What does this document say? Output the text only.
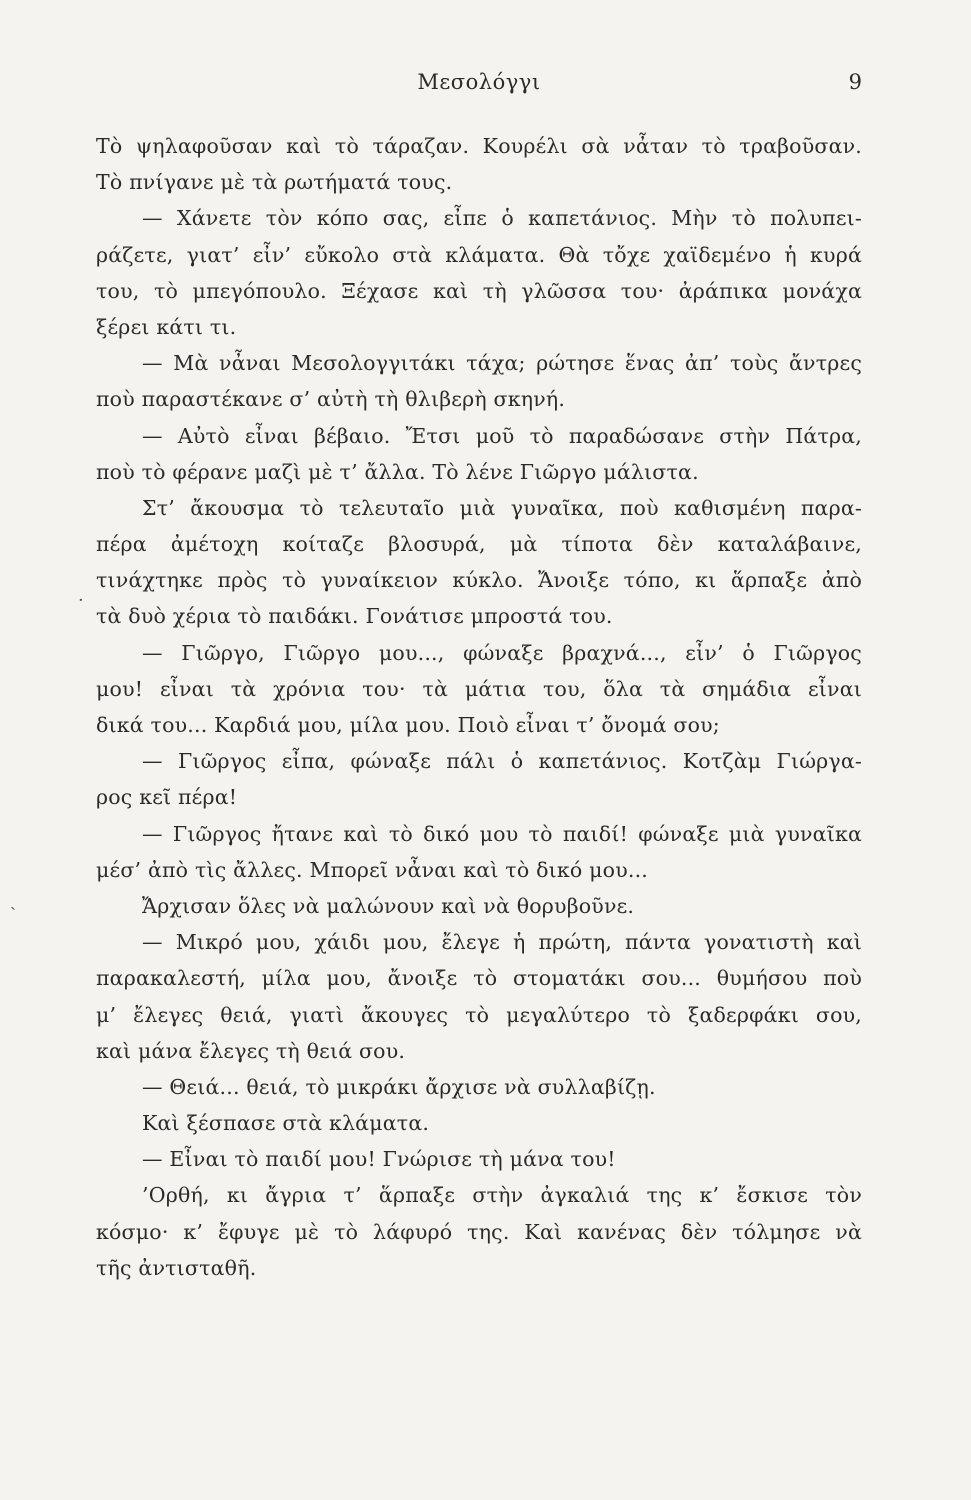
Μεσολόγγι	9
·
ˎ
Τὸ ψηλαφοῦσαν καὶ τὸ τάραζαν. Κουρέλι σὰ νἆταν τὸ τραβοῦσαν.
Τὸ πνίγανε μὲ τὰ ρωτήματά τους.
— Χάνετε τὸν κόπο σας, εἶπε ὁ καπετάνιος. Μὴν τὸ πολυπει-
ράζετε, γιατ’ εἶν’ εὔκολο στὰ κλάματα. Θὰ τὄχε χαϊδεμένο ἡ κυρά
του, τὸ μπεγόπουλο. Ξέχασε καὶ τὴ γλῶσσα του· ἀράπικα μονάχα
ξέρει κάτι τι.
— Μὰ νἆναι Μεσολογγιτάκι τάχα; ρώτησε ἕνας ἀπ’ τοὺς ἄντρες
ποὺ παραστέκανε σ’ αὐτὴ τὴ θλιβερὴ σκηνή.
— Αὐτὸ εἶναι βέβαιο. Ἔτσι μοῦ τὸ παραδώσανε στὴν Πάτρα,
ποὺ τὸ φέρανε μαζὶ μὲ τ’ ἄλλα. Τὸ λένε Γιῶργο μάλιστα.
Στ’ ἄκουσμα τὸ τελευταῖο μιὰ γυναῖκα, ποὺ καθισμένη παρα-
πέρα ἀμέτοχη κοίταζε βλοσυρά, μὰ τίποτα δὲν καταλάβαινε,
τινάχτηκε πρὸς τὸ γυναίκειον κύκλο. Ἄνοιξε τόπο, κι ἅρπαξε ἀπὸ
τὰ δυὸ χέρια τὸ παιδάκι. Γονάτισε μπροστά του.
— Γιῶργο, Γιῶργο μου..., φώναξε βραχνά..., εἶν’ ὁ Γιῶργος
μου! εἶναι τὰ χρόνια του· τὰ μάτια του, ὅλα τὰ σημάδια εἶναι
δικά του... Καρδιά μου, μίλα μου. Ποιὸ εἶναι τ’ ὄνομά σου;
— Γιῶργος εἶπα, φώναξε πάλι ὁ καπετάνιος. Κοτζὰμ Γιώργα-
ρος κεῖ πέρα!
— Γιῶργος ἤτανε καὶ τὸ δικό μου τὸ παιδί! φώναξε μιὰ γυναῖκα
μέσ’ ἀπὸ τὶς ἄλλες. Μπορεῖ νἆναι καὶ τὸ δικό μου...
Ἄρχισαν ὅλες νὰ μαλώνουν καὶ νὰ θορυβοῦνε.
— Μικρό μου, χάιδι μου, ἔλεγε ἡ πρώτη, πάντα γονατιστὴ καὶ
παρακαλεστή, μίλα μου, ἄνοιξε τὸ στοματάκι σου... θυμήσου ποὺ
μ’ ἔλεγες θειά, γιατὶ ἄκουγες τὸ μεγαλύτερο τὸ ξαδερφάκι σου,
καὶ μάνα ἔλεγες τὴ θειά σου.
— Θειά... θειά, τὸ μικράκι ἄρχισε νὰ συλλαβίζῃ.
Καὶ ξέσπασε στὰ κλάματα.
— Εἶναι τὸ παιδί μου! Γνώρισε τὴ μάνα του!
’Ορθή, κι ἄγρια τ’ ἅρπαξε στὴν ἀγκαλιά της κ’ ἔσκισε τὸν
κόσμο· κ’ ἔφυγε μὲ τὸ λάφυρό της. Καὶ κανένας δὲν τόλμησε νὰ
τῆς ἀντισταθῆ.
